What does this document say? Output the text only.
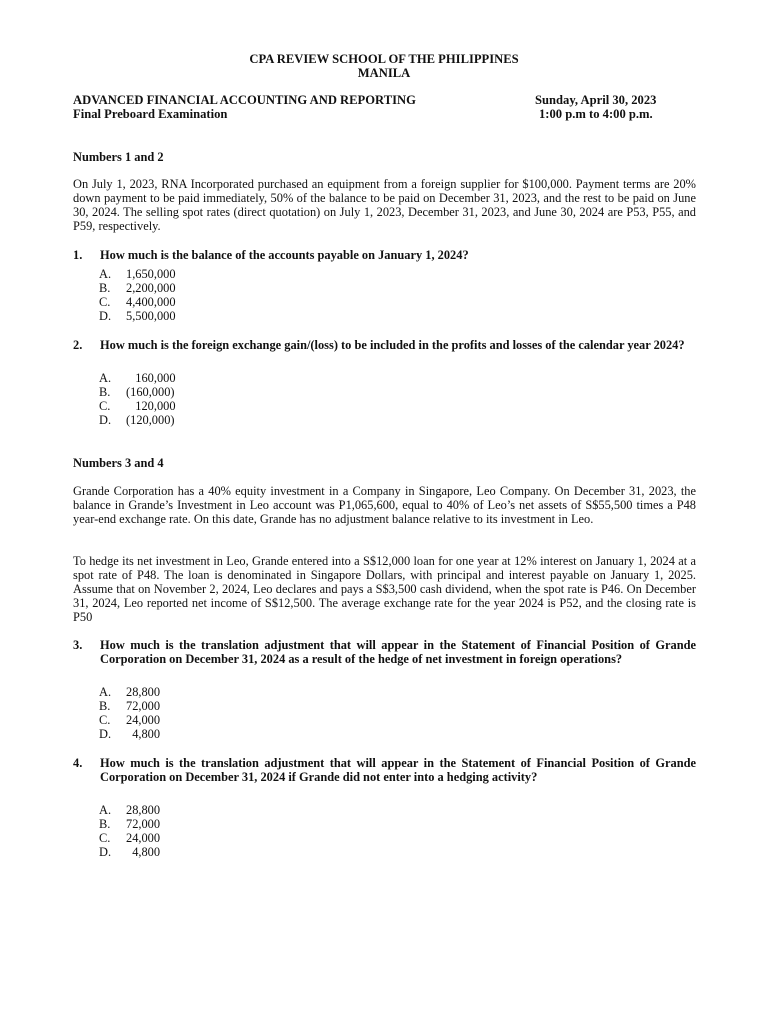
CPA REVIEW SCHOOL OF THE PHILIPPINES
MANILA
ADVANCED FINANCIAL ACCOUNTING AND REPORTING
Final Preboard Examination
Sunday, April 30, 2023
1:00 p.m to 4:00 p.m.
Numbers 1 and 2
On July 1, 2023, RNA Incorporated purchased an equipment from a foreign supplier for $100,000. Payment terms are 20% down payment to be paid immediately, 50% of the balance to be paid on December 31, 2023, and the rest to be paid on June 30, 2024. The selling spot rates (direct quotation) on July 1, 2023, December 31, 2023, and June 30, 2024 are P53, P55, and P59, respectively.
1.	How much is the balance of the accounts payable on January 1, 2024?
A.	1,650,000
B.	2,200,000
C.	4,400,000
D.	5,500,000
2.	How much is the foreign exchange gain/(loss) to be included in the profits and losses of the calendar year 2024?
A.	160,000
B.	(160,000)
C.	120,000
D.	(120,000)
Numbers 3 and 4
Grande Corporation has a 40% equity investment in a Company in Singapore, Leo Company. On December 31, 2023, the balance in Grande’s Investment in Leo account was P1,065,600, equal to 40% of Leo’s net assets of S$55,500 times a P48 year-end exchange rate. On this date, Grande has no adjustment balance relative to its investment in Leo.
To hedge its net investment in Leo, Grande entered into a S$12,000 loan for one year at 12% interest on January 1, 2024 at a spot rate of P48. The loan is denominated in Singapore Dollars, with principal and interest payable on January 1, 2025. Assume that on November 2, 2024, Leo declares and pays a S$3,500 cash dividend, when the spot rate is P46. On December 31, 2024, Leo reported net income of S$12,500. The average exchange rate for the year 2024 is P52, and the closing rate is P50
3.	How much is the translation adjustment that will appear in the Statement of Financial Position of Grande Corporation on December 31, 2024 as a result of the hedge of net investment in foreign operations?
A.	28,800
B.	72,000
C.	24,000
D.	4,800
4.	How much is the translation adjustment that will appear in the Statement of Financial Position of Grande Corporation on December 31, 2024 if Grande did not enter into a hedging activity?
A.	28,800
B.	72,000
C.	24,000
D.	4,800
